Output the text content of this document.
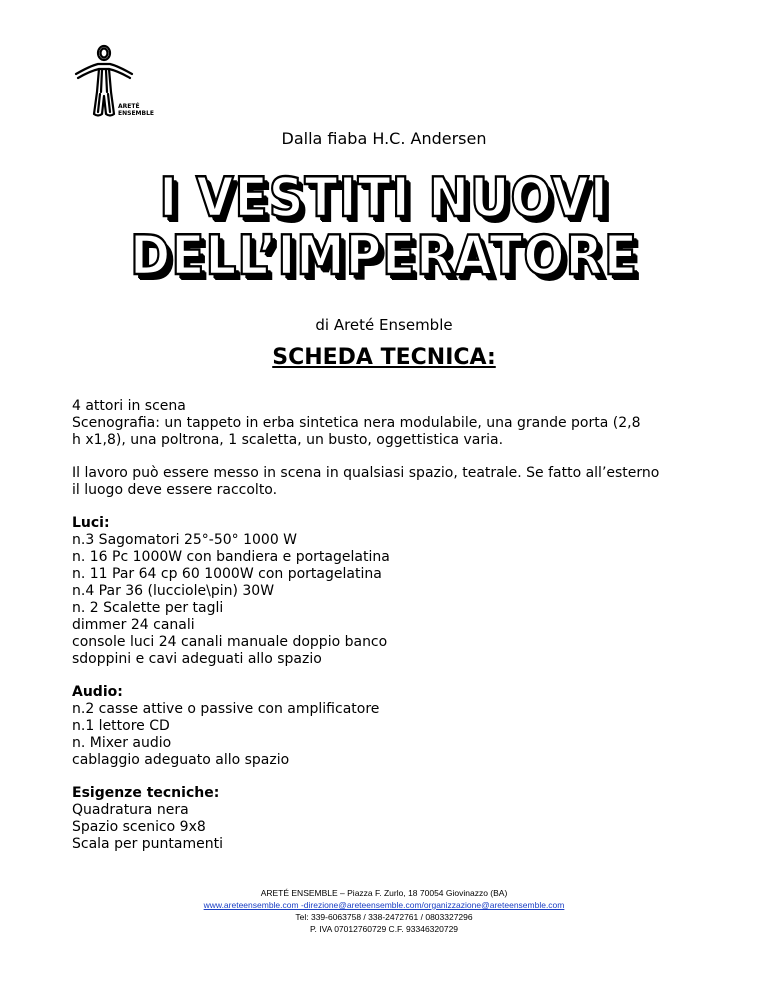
ARETÉ
ENSEMBLE
Dalla fiaba H.C. Andersen
I VESTITI NUOVI
DELL’IMPERATORE
di Areté Ensemble
SCHEDA TECNICA:

4 attori in scena

Scenografia: un tappeto in erba sintetica nera modulabile, una grande porta (2,8

h x1,8), una poltrona, 1 scaletta, un busto, oggettistica varia.

Il lavoro può essere messo in scena in qualsiasi spazio, teatrale. Se fatto all’esterno

il luogo deve essere raccolto.

Luci:

n.3 Sagomatori 25°-50° 1000 W

n. 16 Pc 1000W con bandiera e portagelatina

n. 11 Par 64 cp 60 1000W con portagelatina

n.4 Par 36 (lucciole\pin) 30W

n. 2 Scalette per tagli

dimmer 24 canali

console luci 24 canali manuale doppio banco

sdoppini e cavi adeguati allo spazio

Audio:

n.2 casse attive o passive con amplificatore

n.1 lettore CD

n. Mixer audio

cablaggio adeguato allo spazio

Esigenze tecniche:

Quadratura nera

Spazio scenico 9x8

Scala per puntamenti

ARETÉ ENSEMBLE – Piazza F. Zurlo, 18 70054 Giovinazzo (BA)
www.areteensemble.com -direzione@areteensemble.com/organizzazione@areteensemble.com
Tel: 339-6063758 / 338-2472761 / 0803327296
P. IVA 07012760729 C.F. 93346320729
